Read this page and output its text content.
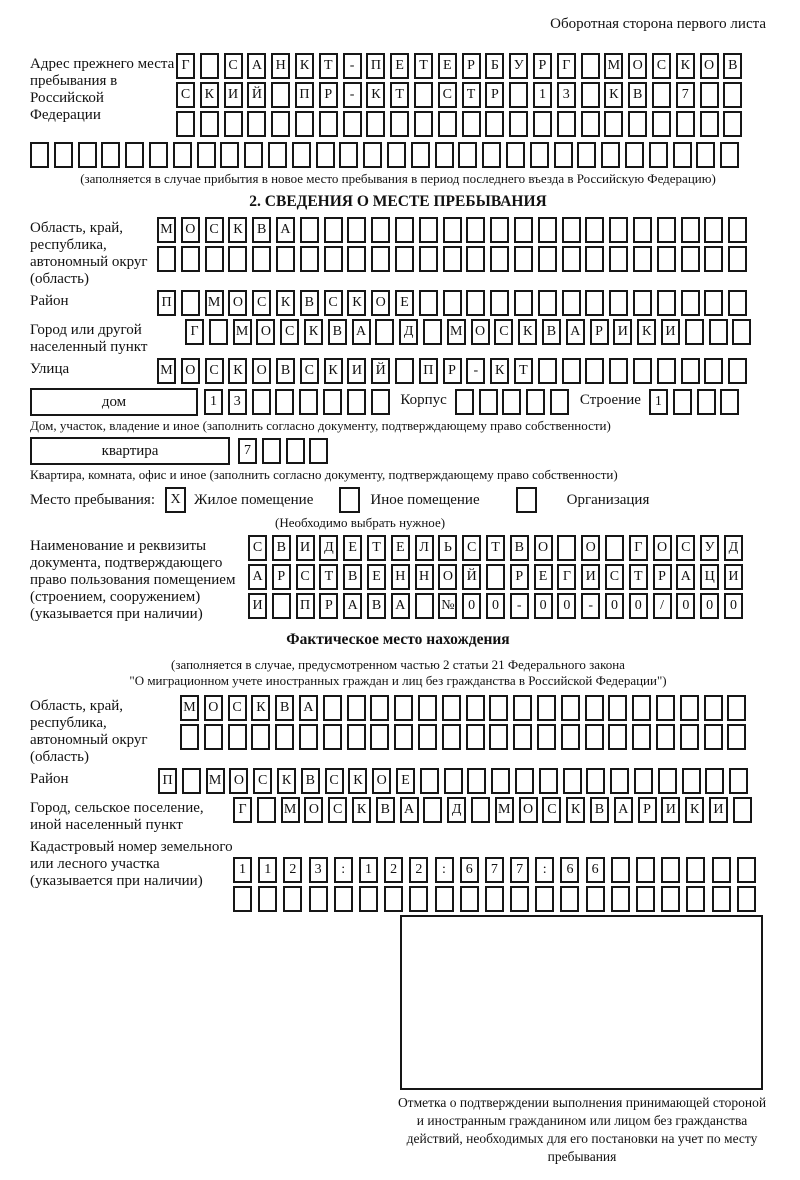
Оборотная сторона первого листа
Адрес прежнего места пребывания в Российской Федерации
Г	С	А Н	К	Т	-	П	Е	Т	Е	Р	Б	У	Р	Г	М О	С	К	О	В
С	К	И Й	П	Р	-	К	Т	С	Т	Р	1	3	К	В	7
(заполняется в случае прибытия в новое место пребывания в период последнего въезда в Российскую Федерацию)
2. СВЕДЕНИЯ О МЕСТЕ ПРЕБЫВАНИЯ
Область, край, республика, автономный округ (область)
М О	С	К	В	А
Район	П	М О	С	К	В	С	К	О	Е
Город или другой населенный пункт
Г	М О	С	К	В	А	Д	М О	С	К	В	А	Р	И	К	И
Улица	М О	С	К	О	В	С	К	И Й	П	Р	-	К	Т
дом	1	3	Корпус	Строение	1
Дом, участок, владение и иное (заполнить согласно документу, подтверждающему право собственности)
квартира	7
Квартира, комната, офис и иное (заполнить согласно документу, подтверждающему право собственности)
Место пребывания:	X Жилое помещение	Иное помещение	Организация
(Необходимо выбрать нужное)
Наименование и реквизиты документа, подтверждающего право пользования помещением (строением, сооружением) (указывается при наличии)
С	В	И Д	Е	Т	Е	Л	Ь	С	Т	В	О	О	Г	О	С	У	Д
А	Р	С	Т	В	Е	Н Н О Й	Р	Е	Г	И	С	Т	Р	А Ц И
И	П	Р	А	В	А	№ 0	0	-	0	0	-	0	0	/	0	0	0
Фактическое место нахождения
(заполняется в случае, предусмотренном частью 2 статьи 21 Федерального закона
"О миграционном учете иностранных граждан и лиц без гражданства в Российской Федерации")
Область, край, республика, автономный округ (область)
М О	С	К	В	А
Район	П	М О	С	К	В	С	К	О	Е
Город, сельское поселение, иной населенный пункт
Г	М О	С	К	В	А	Д	М О	С	К	В	А	Р	И	К	И
Кадастровый номер земельного или лесного участка (указывается при наличии)
1	1	2	3	:	1	2	2	:	6	7	7	:	6	6
Отметка о подтверждении выполнения принимающей стороной и иностранным гражданином или лицом без гражданства действий, необходимых для его постановки на учет по месту пребывания
